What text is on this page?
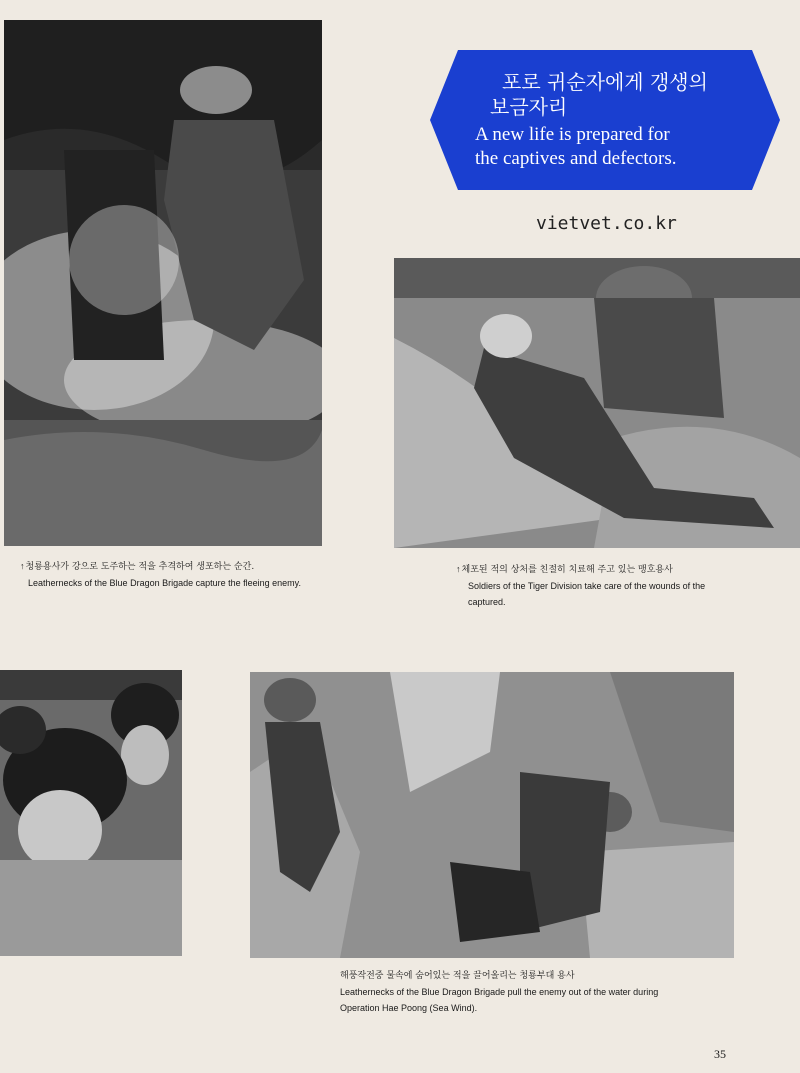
포로 귀순자에게 갱생의
보금자리
A new life is prepared for
the captives and defectors.
vietvet.co.kr
↑청룡용사가 강으로 도주하는 적을 추격하여 생포하는 순간.
Leathernecks of the Blue Dragon Brigade capture the fleeing enemy.
↑체포된 적의 상처를 친절히 치료해 주고 있는 맹호용사
Soldiers of the Tiger Division take care of the wounds of the captured.
해풍작전중 물속에 숨어있는 적을 끌어올리는 청룡부대 용사
Leathernecks of the Blue Dragon Brigade pull the enemy out of the water during Operation Hae Poong (Sea Wind).
35
